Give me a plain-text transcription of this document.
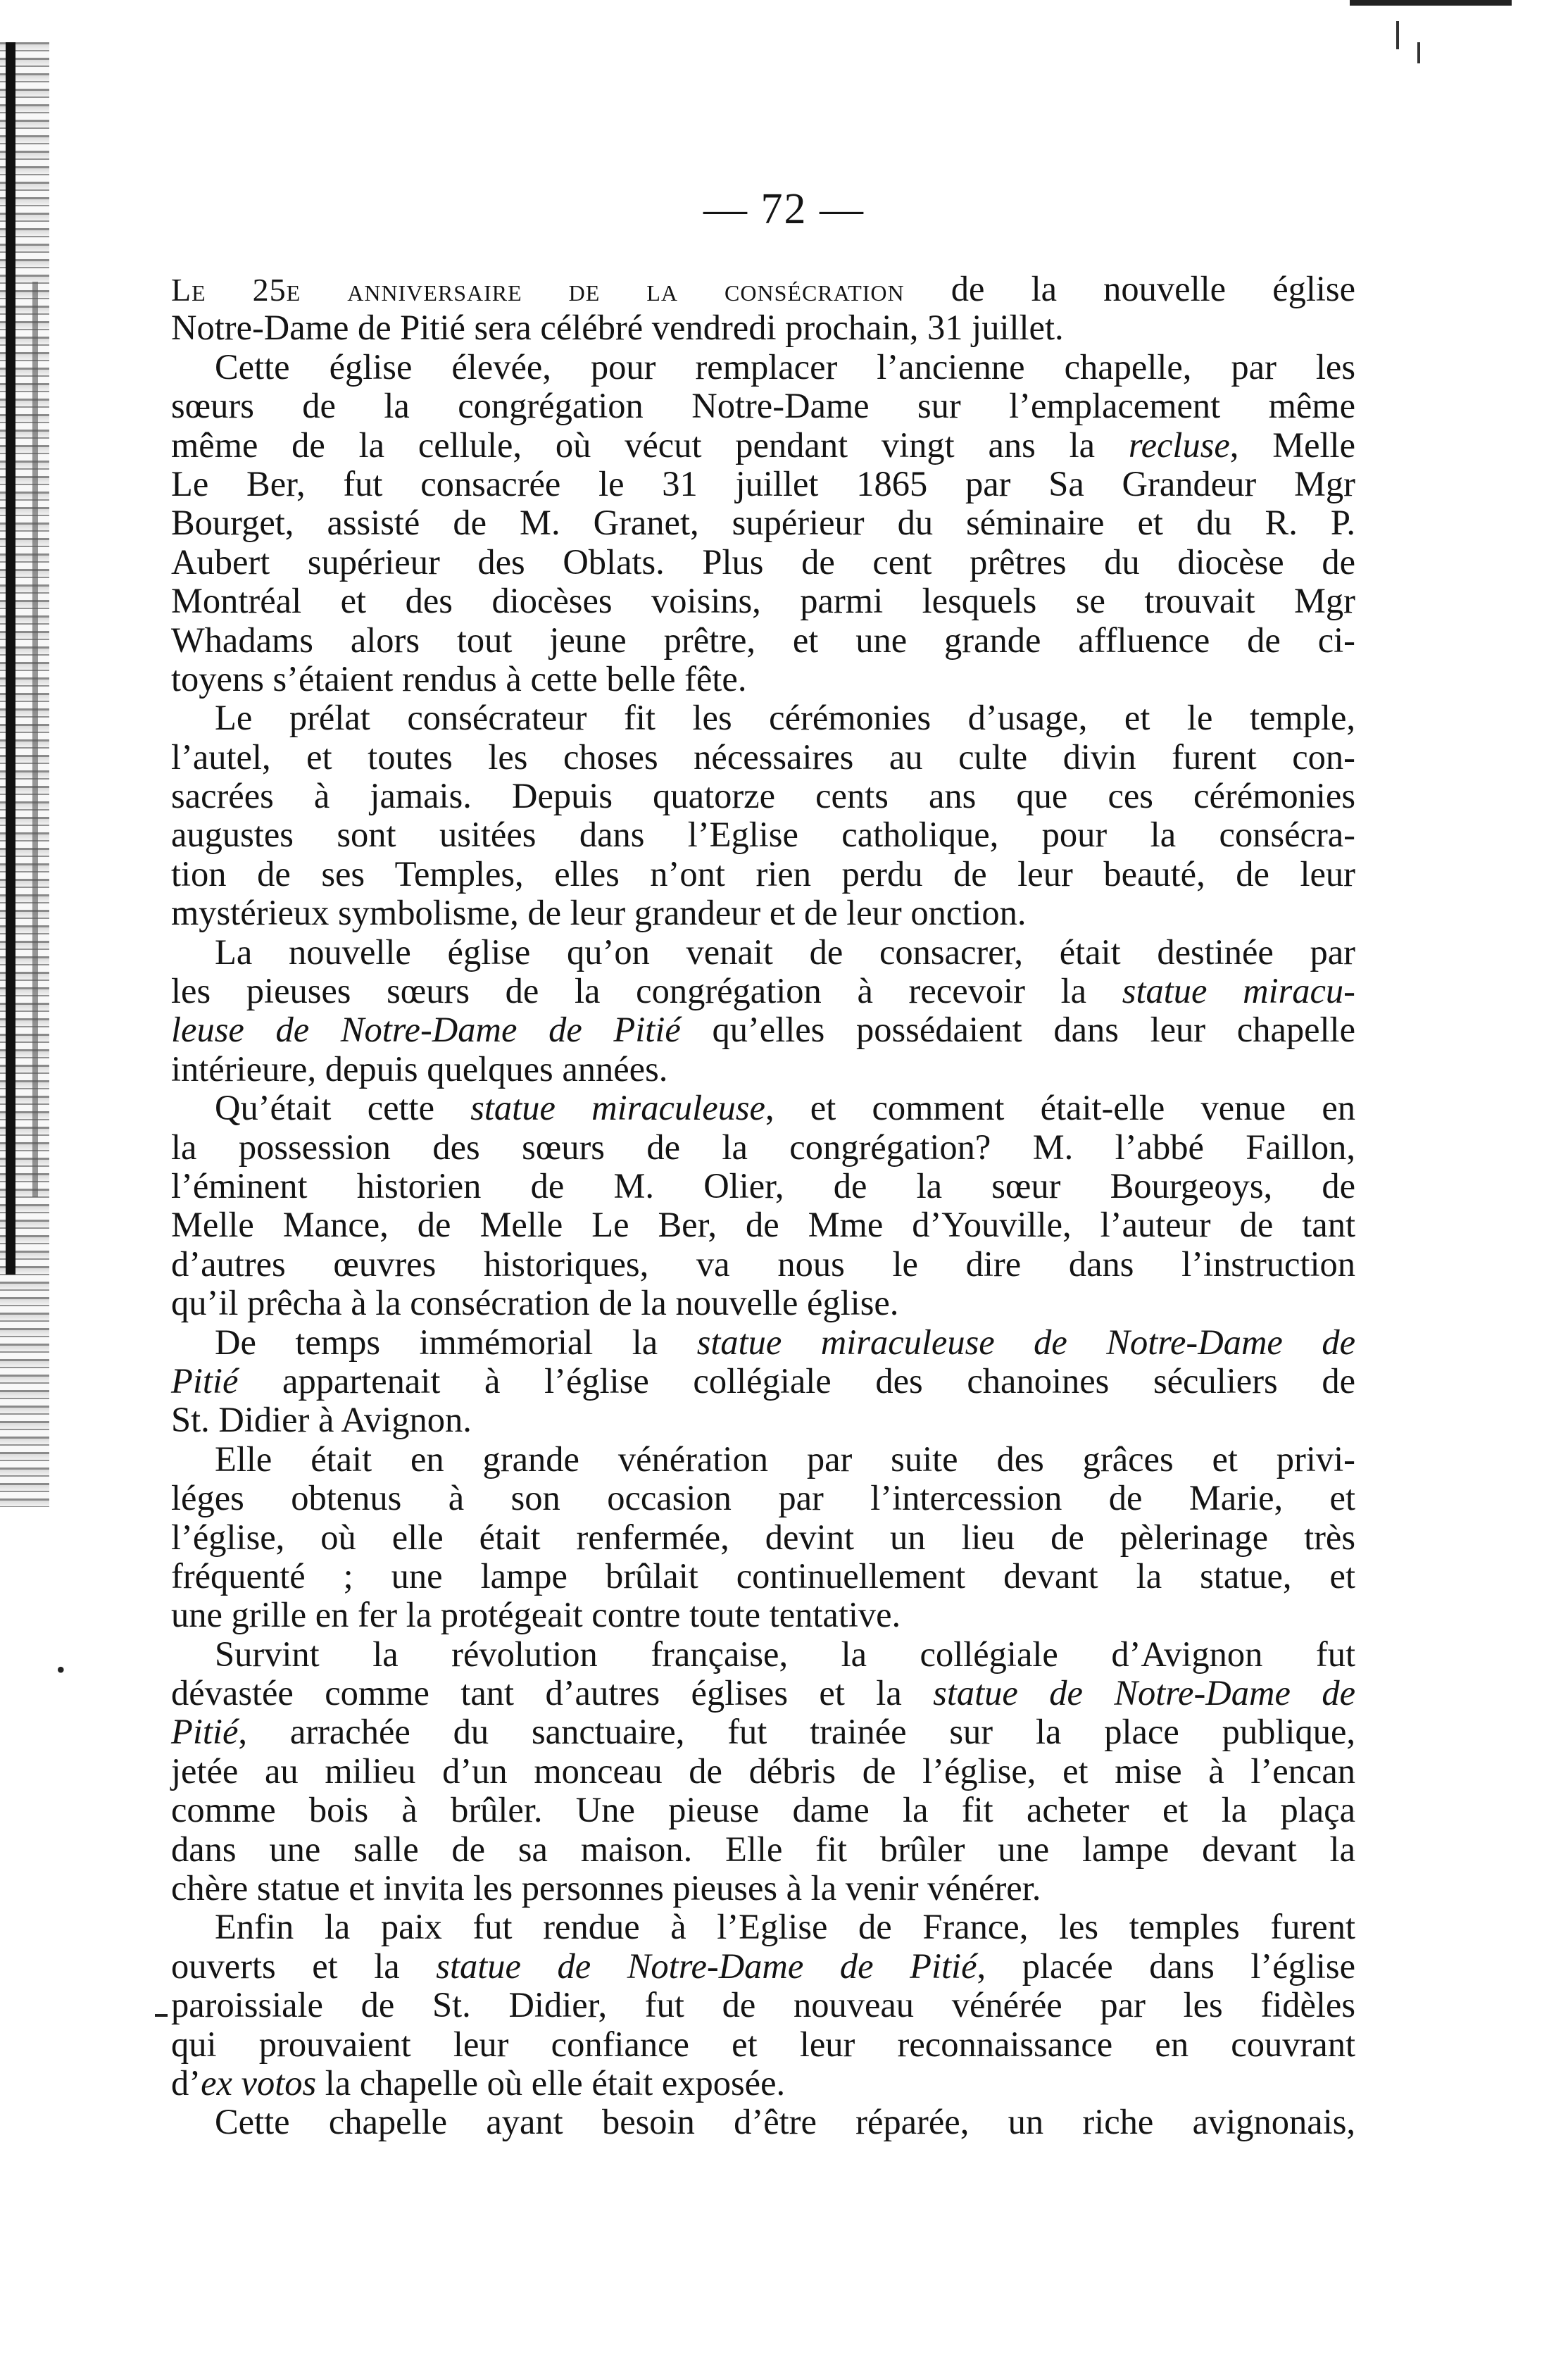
•
— 72 —
Le 25e anniversaire de la consécration de la nouvelle église
Notre-Dame de Pitié sera célébré vendredi prochain, 31 juillet.
Cette église élevée, pour remplacer l’ancienne chapelle, par les
sœurs de la congrégation Notre-Dame sur l’emplacement même
même de la cellule, où vécut pendant vingt ans la recluse, Melle
Le Ber, fut consacrée le 31 juillet 1865 par Sa Grandeur Mgr
Bourget, assisté de M. Granet, supérieur du séminaire et du R. P.
Aubert supérieur des Oblats. Plus de cent prêtres du diocèse de
Montréal et des diocèses voisins, parmi lesquels se trouvait Mgr
Whadams alors tout jeune prêtre, et une grande affluence de ci-
toyens s’étaient rendus à cette belle fête.
Le prélat consécrateur fit les cérémonies d’usage, et le temple,
l’autel, et toutes les choses nécessaires au culte divin furent con-
sacrées à jamais. Depuis quatorze cents ans que ces cérémonies
augustes sont usitées dans l’Eglise catholique, pour la consécra-
tion de ses Temples, elles n’ont rien perdu de leur beauté, de leur
mystérieux symbolisme, de leur grandeur et de leur onction.
La nouvelle église qu’on venait de consacrer, était destinée par
les pieuses sœurs de la congrégation à recevoir la statue miracu-
leuse de Notre-Dame de Pitié qu’elles possédaient dans leur chapelle
intérieure, depuis quelques années.
Qu’était cette statue miraculeuse, et comment était-elle venue en
la possession des sœurs de la congrégation? M. l’abbé Faillon,
l’éminent historien de M. Olier, de la sœur Bourgeoys, de
Melle Mance, de Melle Le Ber, de Mme d’Youville, l’auteur de tant
d’autres œuvres historiques, va nous le dire dans l’instruction
qu’il prêcha à la consécration de la nouvelle église.
De temps immémorial la statue miraculeuse de Notre-Dame de
Pitié appartenait à l’église collégiale des chanoines séculiers de
St. Didier à Avignon.
Elle était en grande vénération par suite des grâces et privi-
léges obtenus à son occasion par l’intercession de Marie, et
l’église, où elle était renfermée, devint un lieu de pèlerinage très
fréquenté ; une lampe brûlait continuellement devant la statue, et
une grille en fer la protégeait contre toute tentative.
Survint la révolution française, la collégiale d’Avignon fut
dévastée comme tant d’autres églises et la statue de Notre-Dame de
Pitié, arrachée du sanctuaire, fut trainée sur la place publique,
jetée au milieu d’un monceau de débris de l’église, et mise à l’encan
comme bois à brûler. Une pieuse dame la fit acheter et la plaça
dans une salle de sa maison. Elle fit brûler une lampe devant la
chère statue et invita les personnes pieuses à la venir vénérer.
Enfin la paix fut rendue à l’Eglise de France, les temples furent
ouverts et la statue de Notre-Dame de Pitié, placée dans l’église
paroissiale de St. Didier, fut de nouveau vénérée par les fidèles
qui prouvaient leur confiance et leur reconnaissance en couvrant
d’ex votos la chapelle où elle était exposée.
Cette chapelle ayant besoin d’être réparée, un riche avignonais,
